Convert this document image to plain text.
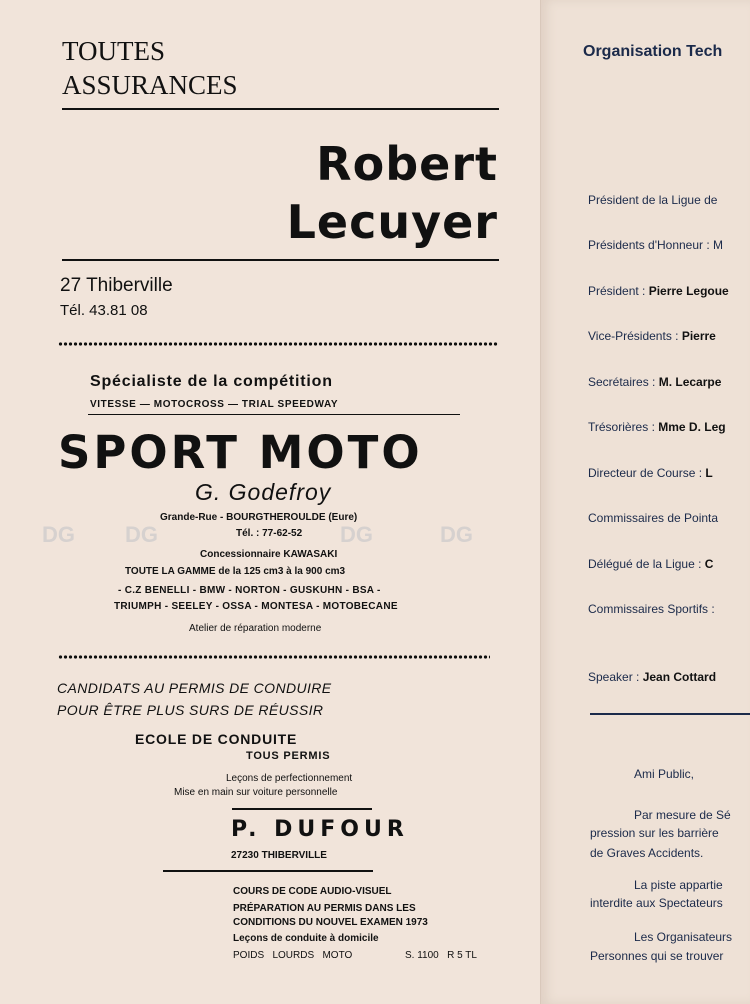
TOUTES
ASSURANCES
Robert
Lecuyer
27 Thiberville
Tél. 43.81 08
Spécialiste de la compétition
VITESSE — MOTOCROSS — TRIAL SPEEDWAY
SPORT MOTO
G. Godefroy
Grande-Rue - BOURGTHEROULDE (Eure)
Tél. : 77-62-52
Concessionnaire KAWASAKI
TOUTE LA GAMME de la 125 cm3 à la 900 cm3
- C.Z BENELLI - BMW - NORTON - GUSKUHN - BSA -
TRIUMPH - SEELEY - OSSA - MONTESA - MOTOBECANE
Atelier de réparation moderne
CANDIDATS AU PERMIS DE CONDUIRE
POUR ÊTRE PLUS SURS DE RÉUSSIR
ECOLE DE CONDUITE
TOUS PERMIS
Leçons de perfectionnement
Mise en main sur voiture personnelle
P. DUFOUR
27230 THIBERVILLE
COURS DE CODE AUDIO-VISUEL
PRÉPARATION AU PERMIS DANS LES
CONDITIONS DU NOUVEL EXAMEN 1973
Leçons de conduite à domicile
POIDS   LOURDS   MOTO	S. 1100   R 5 TL
DG DG	DG	DG
Organisation Tech
Président de la Ligue de
Présidents d'Honneur : M
Président : Pierre Legoue
Vice-Présidents : Pierre
Secrétaires : M. Lecarpe
Trésorières : Mme D. Leg
Directeur de Course : L
Commissaires de Pointa
Délégué de la Ligue : C
Commissaires Sportifs :
Speaker : Jean Cottard
Ami Public,
Par mesure de Sé
pression sur les barrière
de Graves Accidents.
La piste appartie
interdite aux Spectateurs
Les Organisateurs
Personnes qui se trouver
